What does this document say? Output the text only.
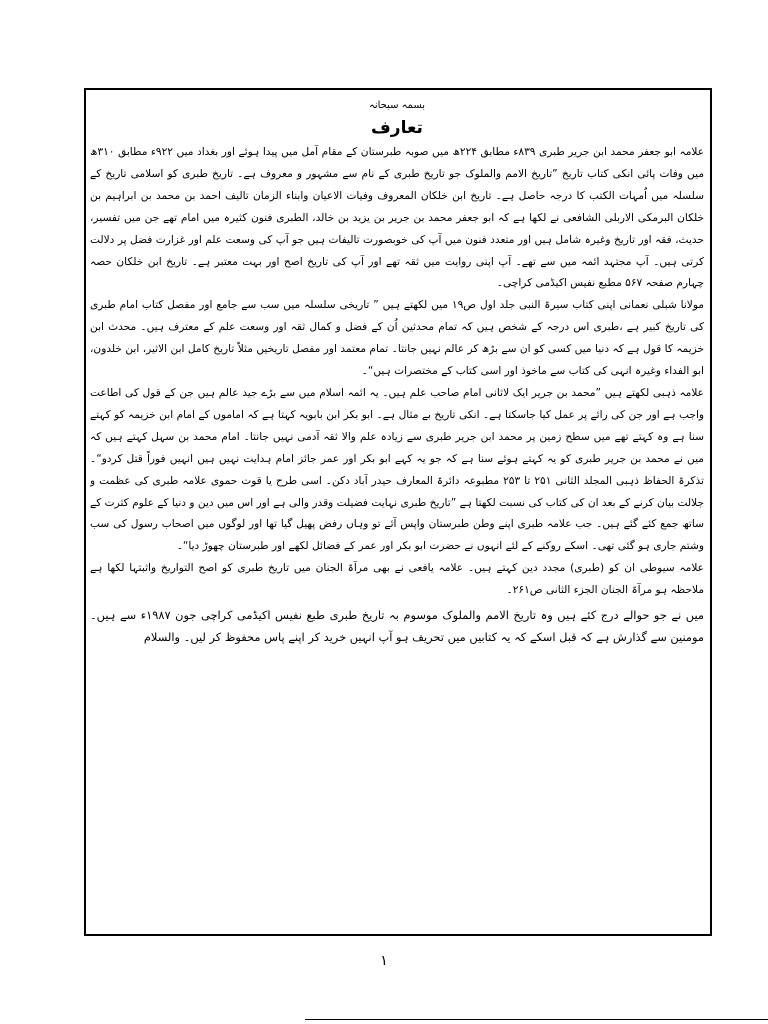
بسمہ سبحانہ

تعارف

علامہ ابو جعفر محمد ابن جریر طبری ۸۳۹ء مطابق ۲۲۴ھ میں صوبہ طبرستان کے مقام آمل میں پیدا ہوئے اور بغداد میں ۹۲۲ء مطابق ۳۱۰ھ میں وفات پائی انکی کتاب تاریخ ”تاریخ الامم والملوک جو تاریخ طبری کے نام سے مشہور و معروف ہے۔ تاریخ طبری کو اسلامی تاریخ کے سلسلہ میں اُمہات الکتب کا درجہ حاصل ہے۔ تاریخ ابن خلکان المعروف وفیات الاعیان وابناء الزمان تالیف احمد بن محمد بن ابراہیم بن خلکان البرمکی الاربلی الشافعی نے لکھا ہے کہ ابو جعفر محمد بن جریر بن یزید بن خالد، الطبری فنون کثیرہ میں امام تھے جن میں تفسیر، حدیث، فقہ اور تاریخ وغیرہ شامل ہیں اور متعدد فنون میں آپ کی خوبصورت تالیفات ہیں جو آپ کی وسعت علم اور غزارت فضل پر دلالت کرتی ہیں۔ آپ مجتہد ائمہ میں سے تھے۔ آپ اپنی روایت میں ثقہ تھے اور آپ کی تاریخ اصح اور بہت معتبر ہے۔ تاریخ ابن خلکان حصہ چہارم صفحہ ۵۶۷ مطبع نفیس اکیڈمی کراچی۔

مولانا شبلی نعمانی اپنی کتاب سیرۃ النبی جلد اول ص۱۹ میں لکھتے ہیں ” تاریخی سلسلہ میں سب سے جامع اور مفصل کتاب امام طبری کی تاریخ کبیر ہے ،طبری اس درجہ کے شخص ہیں کہ تمام محدثین اُن کے فضل و کمال ثقہ اور وسعت علم کے معترف ہیں۔ محدث ابن خزیمہ کا قول ہے کہ دنیا میں کسی کو ان سے بڑھ کر عالم نہیں جانتا۔ تمام معتمد اور مفصل تاریخیں مثلاً تاریخ کامل ابن الاثیر، ابن خلدون، ابو الفداء وغیرہ انہی کی کتاب سے ماخوذ اور اسی کتاب کے مختصرات ہیں“۔

علامہ ذہبی لکھتے ہیں ”محمد بن جریر ایک لاثانی امام صاحب علم ہیں۔ یہ ائمہ اسلام میں سے بڑے جید عالم ہیں جن کے قول کی اطاعت واجب ہے اور جن کی رائے پر عمل کیا جاسکتا ہے۔ انکی تاریخ بے مثال ہے۔ ابو بکر ابن بابویہ کہتا ہے کہ اماموں کے امام ابن خزیمہ کو کہتے سنا ہے وہ کہتے تھے میں سطح زمین پر محمد ابن جریر طبری سے زیادہ علم والا ثقہ آدمی نہیں جانتا۔ امام محمد بن سہل کہتے ہیں کہ میں نے محمد بن جریر طبری کو یہ کہتے ہوئے سنا ہے کہ جو یہ کہے ابو بکر اور عمر جائز امام ہدایت نہیں ہیں انہیں فوراً قتل کردو“۔ تذکرۃ الحفاظ ذہبی المجلد الثانی ۲۵۱ تا ۲۵۳ مطبوعہ دائرۃ المعارف حیدر آباد دکن۔ اسی طرح یا قوت حموی علامہ طبری کی عظمت و جلالت بیان کرنے کے بعد ان کی کتاب کی نسبت لکھتا ہے ”تاریخ طبری نہایت فضیلت وقدر والی ہے اور اس میں دین و دنیا کے علوم کثرت کے ساتھ جمع کئے گئے ہیں۔ جب علامہ طبری اپنے وطن طبرستان واپس آئے تو وہاں رفض پھیل گیا تھا اور لوگوں میں اصحاب رسول کی سب وشتم جاری ہو گئی تھی۔ اسکے روکنے کے لئے انہوں نے حضرت ابو بکر اور عمر کے فضائل لکھے اور طبرستان چھوڑ دیا“۔

علامہ سیوطی ان کو (طبری) مجدد دین کہتے ہیں۔ علامہ یافعی نے بھی مرآۃ الجنان میں تاریخ طبری کو اصح التواریخ واثبتہا لکھا ہے ملاحظہ ہو مرآۃ الجنان الجزء الثانی ص۲۶۱۔

میں نے جو حوالے درج کئے ہیں وہ تاریخ الامم والملوک موسوم بہ تاریخ طبری طبع نفیس اکیڈمی کراچی جون ۱۹۸۷ء سے ہیں۔ مومنین سے گذارش ہے کہ قبل اسکے کہ یہ کتابیں میں تحریف ہو آپ انہیں خرید کر اپنے پاس محفوظ کر لیں۔ والسلام

۱
